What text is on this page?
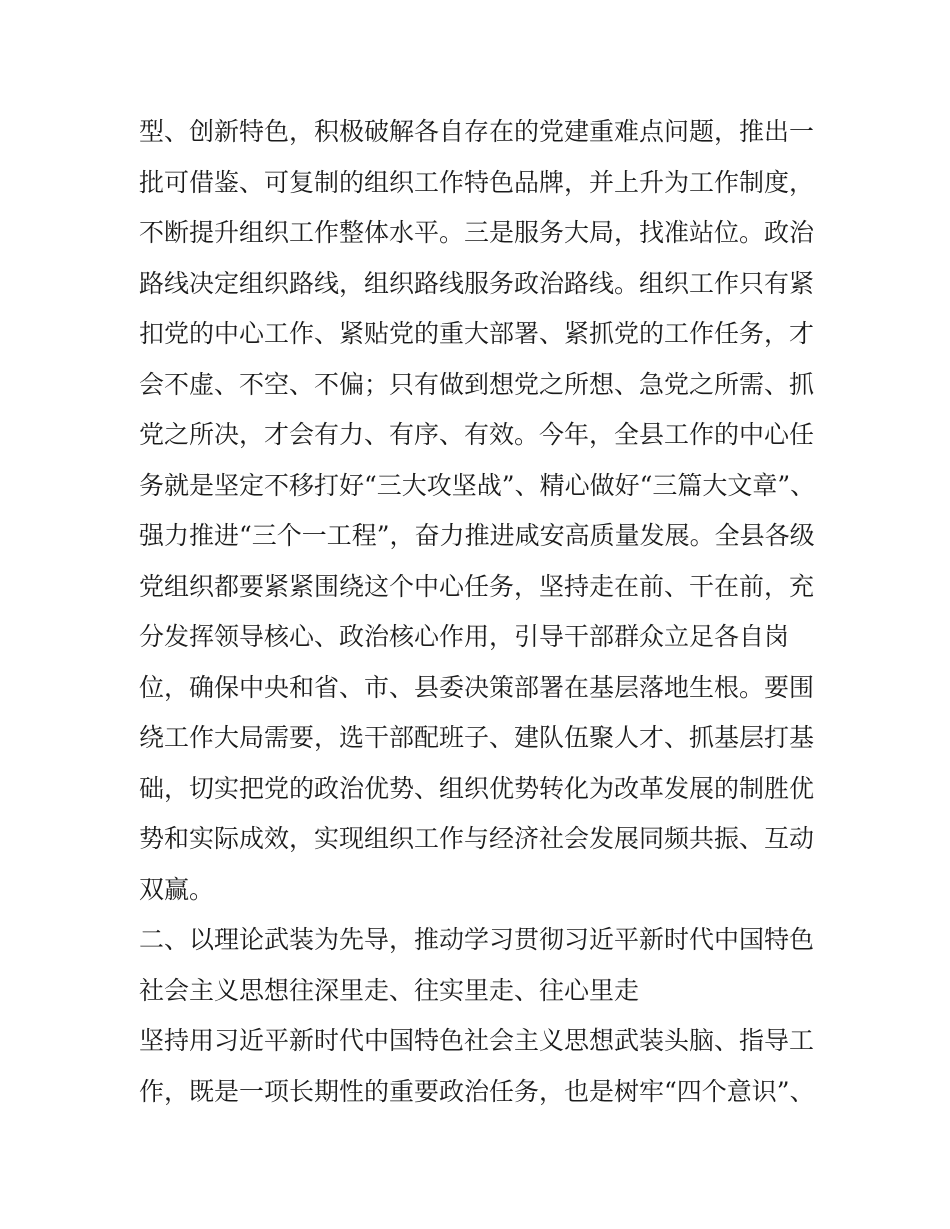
型、创新特色，积极破解各自存在的党建重难点问题，推出一
批可借鉴、可复制的组织工作特色品牌，并上升为工作制度，
不断提升组织工作整体水平。三是服务大局，找准站位。政治
路线决定组织路线，组织路线服务政治路线。组织工作只有紧
扣党的中心工作、紧贴党的重大部署、紧抓党的工作任务，才
会不虚、不空、不偏；只有做到想党之所想、急党之所需、抓
党之所决，才会有力、有序、有效。今年，全县工作的中心任
务就是坚定不移打好“三大攻坚战”、精心做好“三篇大文章”、
强力推进“三个一工程”，奋力推进咸安高质量发展。全县各级
党组织都要紧紧围绕这个中心任务，坚持走在前、干在前，充
分发挥领导核心、政治核心作用，引导干部群众立足各自岗
位，确保中央和省、市、县委决策部署在基层落地生根。要围
绕工作大局需要，选干部配班子、建队伍聚人才、抓基层打基
础，切实把党的政治优势、组织优势转化为改革发展的制胜优
势和实际成效，实现组织工作与经济社会发展同频共振、互动
双赢。
二、以理论武装为先导，推动学习贯彻习近平新时代中国特色
社会主义思想往深里走、往实里走、往心里走
坚持用习近平新时代中国特色社会主义思想武装头脑、指导工
作，既是一项长期性的重要政治任务，也是树牢“四个意识”、
